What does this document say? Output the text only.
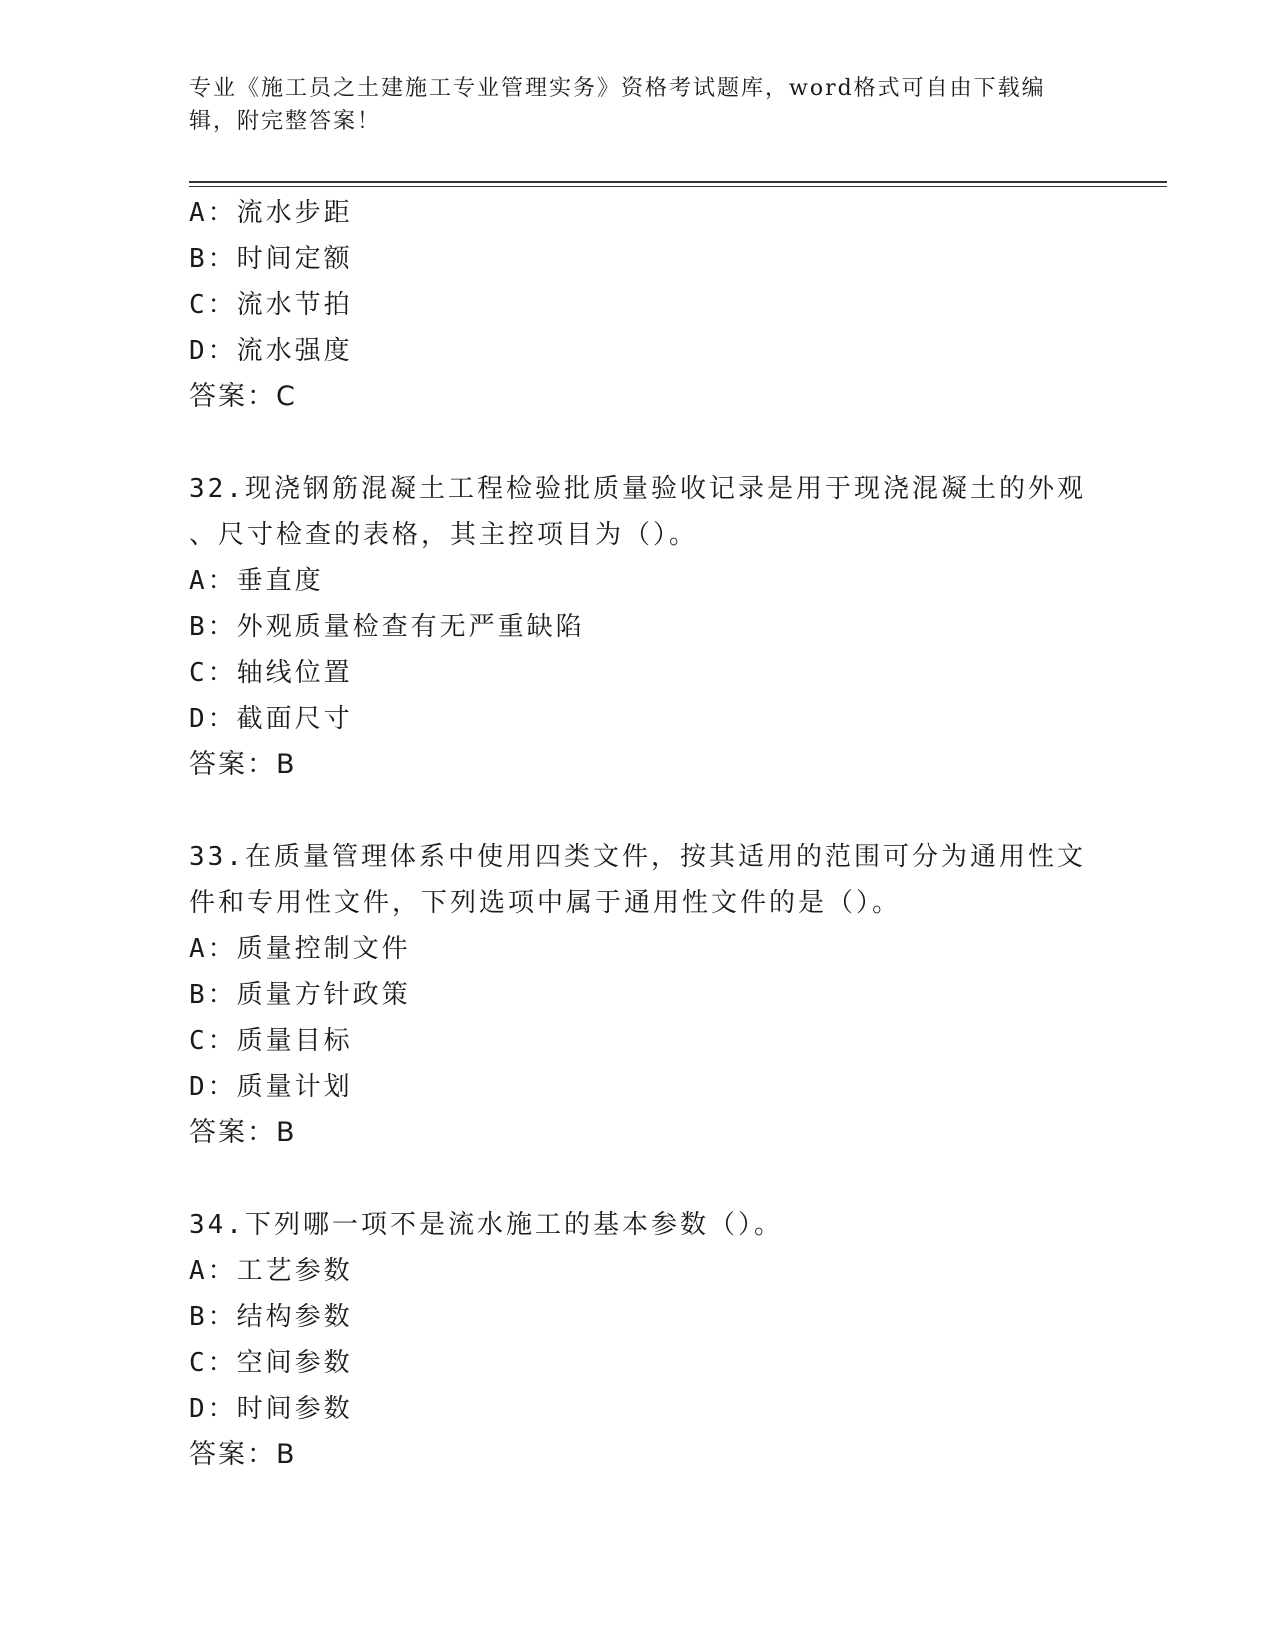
专业《施工员之土建施工专业管理实务》资格考试题库，word格式可自由下载编
辑，附完整答案！
A：流水步距
B：时间定额
C：流水节拍
D：流水强度
答案：C
32.现浇钢筋混凝土工程检验批质量验收记录是用于现浇混凝土的外观
、尺寸检查的表格，其主控项目为（）。
A：垂直度
B：外观质量检查有无严重缺陷
C：轴线位置
D：截面尺寸
答案：B
33.在质量管理体系中使用四类文件，按其适用的范围可分为通用性文
件和专用性文件，下列选项中属于通用性文件的是（）。
A：质量控制文件
B：质量方针政策
C：质量目标
D：质量计划
答案：B
34.下列哪一项不是流水施工的基本参数（）。
A：工艺参数
B：结构参数
C：空间参数
D：时间参数
答案：B
